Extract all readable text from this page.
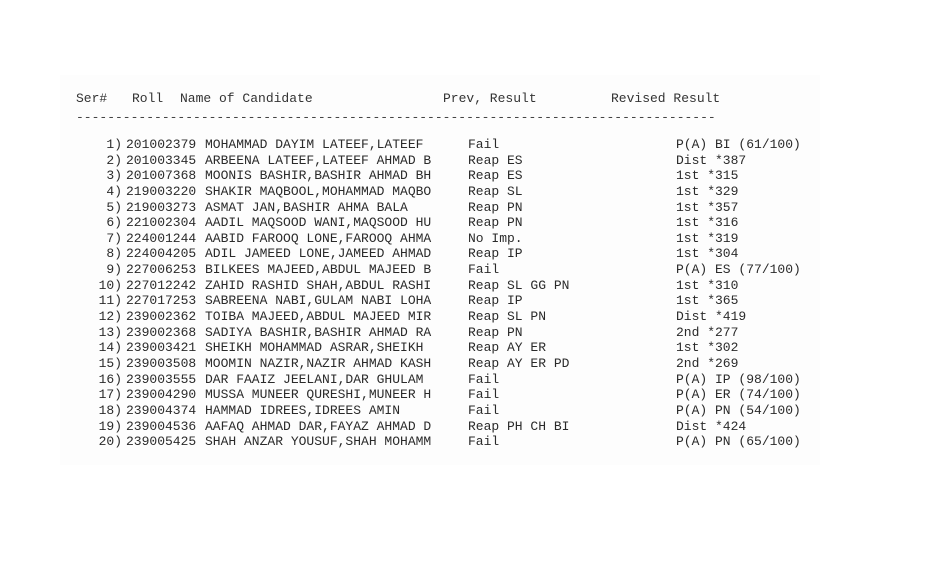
Ser# Roll Name of Candidate	Prev, Result	Revised Result
----------------------------------------------------------------------------------
1) 201002379 MOHAMMAD DAYIM LATEEF,LATEEF	Fail	P(A) BI (61/100)
2) 201003345 ARBEENA LATEEF,LATEEF AHMAD B	Reap ES	Dist *387
3) 201007368 MOONIS BASHIR,BASHIR AHMAD BH	Reap ES	1st *315
4) 219003220 SHAKIR MAQBOOL,MOHAMMAD MAQBO	Reap SL	1st *329
5) 219003273 ASMAT JAN,BASHIR AHMA BALA	Reap PN	1st *357
6) 221002304 AADIL MAQSOOD WANI,MAQSOOD HU	Reap PN	1st *316
7) 224001244 AABID FAROOQ LONE,FAROOQ AHMA	No Imp.	1st *319
8) 224004205 ADIL JAMEED LONE,JAMEED AHMAD	Reap IP	1st *304
9) 227006253 BILKEES MAJEED,ABDUL MAJEED B	Fail	P(A) ES (77/100)
10) 227012242 ZAHID RASHID SHAH,ABDUL RASHI	Reap SL GG PN	1st *310
11) 227017253 SABREENA NABI,GULAM NABI LOHA	Reap IP	1st *365
12) 239002362 TOIBA MAJEED,ABDUL MAJEED MIR	Reap SL PN	Dist *419
13) 239002368 SADIYA BASHIR,BASHIR AHMAD RA	Reap PN	2nd *277
14) 239003421 SHEIKH MOHAMMAD ASRAR,SHEIKH	Reap AY ER	1st *302
15) 239003508 MOOMIN NAZIR,NAZIR AHMAD KASH	Reap AY ER PD	2nd *269
16) 239003555 DAR FAAIZ JEELANI,DAR GHULAM	Fail	P(A) IP (98/100)
17) 239004290 MUSSA MUNEER QURESHI,MUNEER H	Fail	P(A) ER (74/100)
18) 239004374 HAMMAD IDREES,IDREES AMIN	Fail	P(A) PN (54/100)
19) 239004536 AAFAQ AHMAD DAR,FAYAZ AHMAD D	Reap PH CH BI	Dist *424
20) 239005425 SHAH ANZAR YOUSUF,SHAH MOHAMM	Fail	P(A) PN (65/100)
